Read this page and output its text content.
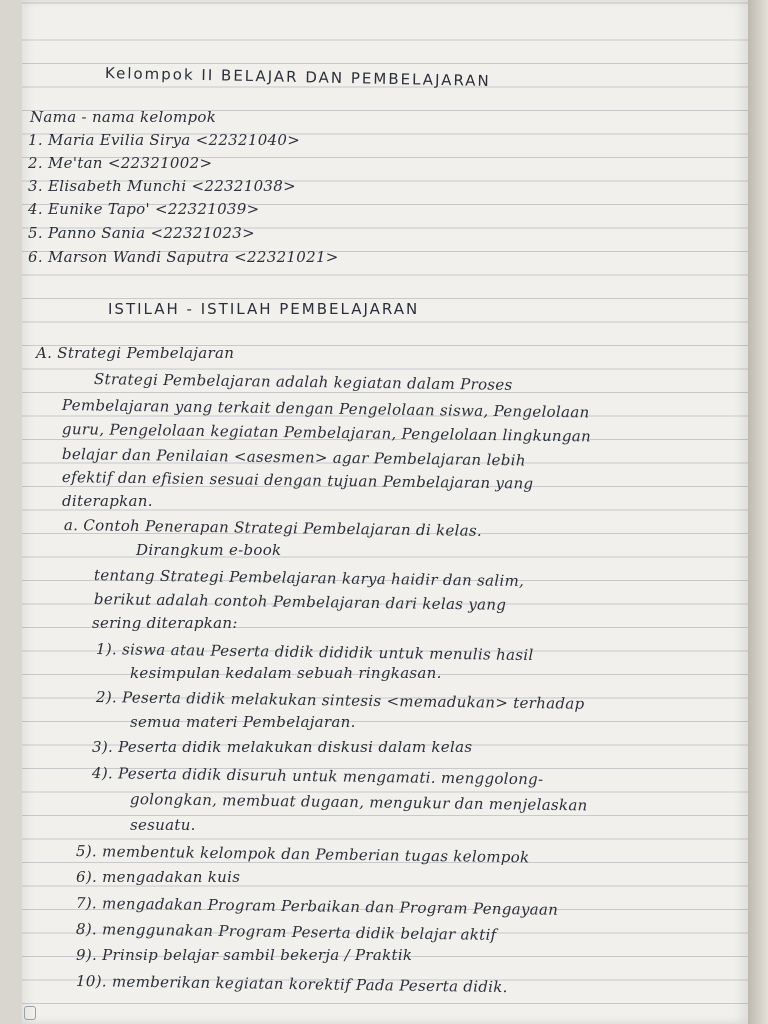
Kelompok II BELAJAR DAN PEMBELAJARAN
Nama - nama kelompok
1. Maria Evilia Sirya <22321040>
2. Me'tan <22321002>
3. Elisabeth Munchi <22321038>
4. Eunike Tapo' <22321039>
5. Panno Sania <22321023>
6. Marson Wandi Saputra <22321021>
ISTILAH - ISTILAH PEMBELAJARAN
A. Strategi Pembelajaran
Strategi Pembelajaran adalah kegiatan dalam Proses
Pembelajaran yang terkait dengan Pengelolaan siswa, Pengelolaan
guru, Pengelolaan kegiatan Pembelajaran, Pengelolaan lingkungan
belajar dan Penilaian <asesmen> agar Pembelajaran lebih
efektif dan efisien sesuai dengan tujuan Pembelajaran yang
diterapkan.
a. Contoh Penerapan Strategi Pembelajaran di kelas.
Dirangkum e-book
tentang Strategi Pembelajaran karya haidir dan salim,
berikut adalah contoh Pembelajaran dari kelas yang
sering diterapkan:
1). siswa atau Peserta didik dididik untuk menulis hasil
kesimpulan kedalam sebuah ringkasan.
2). Peserta didik melakukan sintesis <memadukan> terhadap
semua materi Pembelajaran.
3). Peserta didik melakukan diskusi dalam kelas
4). Peserta didik disuruh untuk mengamati. menggolong-
golongkan, membuat dugaan, mengukur dan menjelaskan
sesuatu.
5). membentuk kelompok dan Pemberian tugas kelompok
6). mengadakan kuis
7). mengadakan Program Perbaikan dan Program Pengayaan
8). menggunakan Program Peserta didik belajar aktif
9). Prinsip belajar sambil bekerja / Praktik
10). memberikan kegiatan korektif Pada Peserta didik.
